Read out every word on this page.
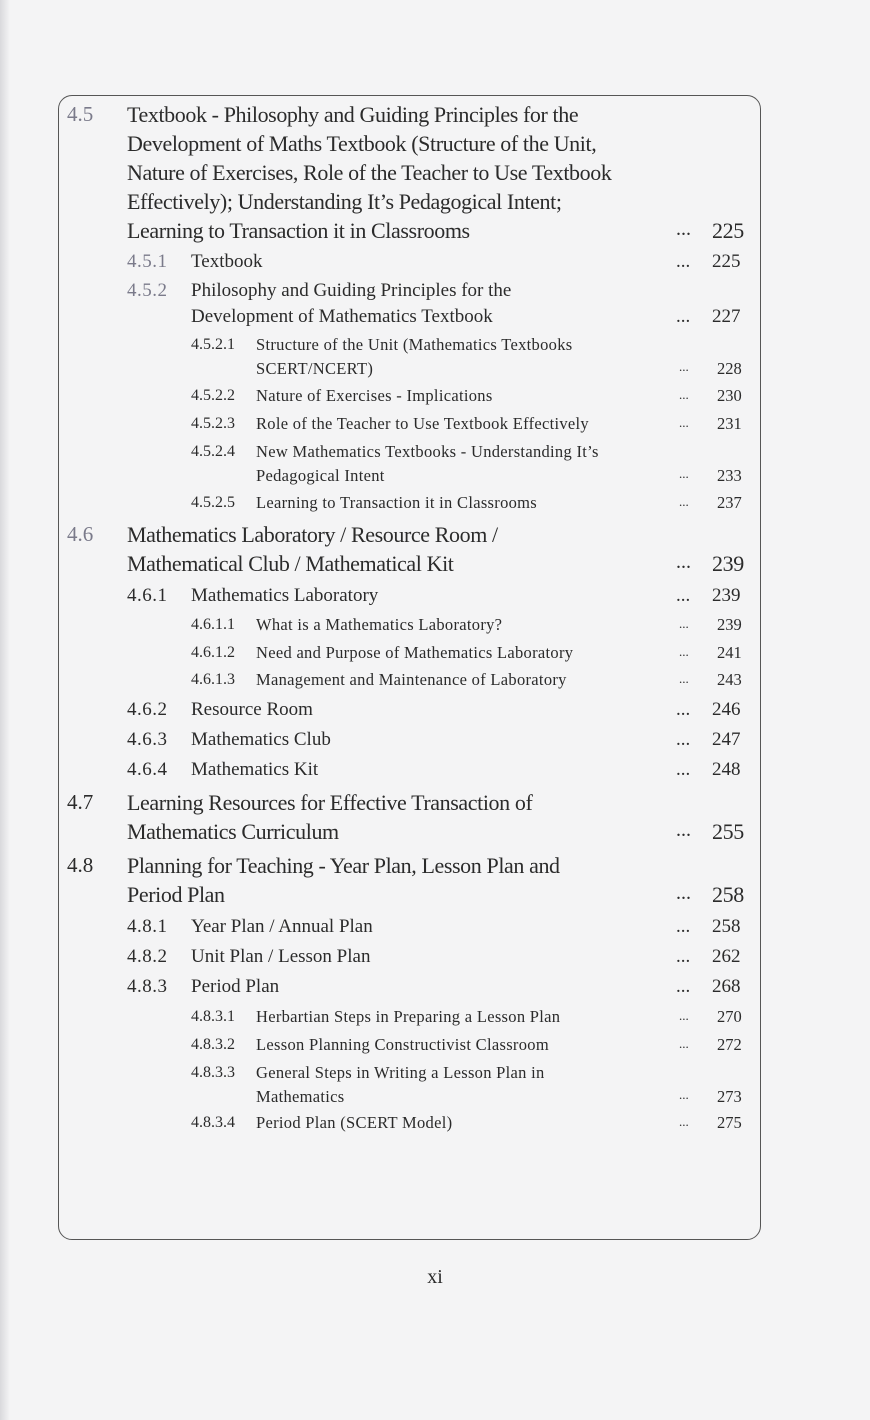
4.5 Textbook - Philosophy and Guiding Principles for the
Development of Maths Textbook (Structure of the Unit,
Nature of Exercises, Role of the Teacher to Use Textbook
Effectively); Understanding It’s Pedagogical Intent;
Learning to Transaction it in Classrooms	... 225
4.5.1 Textbook	... 225
4.5.2 Philosophy and Guiding Principles for the
Development of Mathematics Textbook	... 227
4.5.2.1 Structure of the Unit (Mathematics Textbooks
SCERT/NCERT)	... 228
4.5.2.2 Nature of Exercises - Implications	... 230
4.5.2.3 Role of the Teacher to Use Textbook Effectively	... 231
4.5.2.4 New Mathematics Textbooks - Understanding It’s
Pedagogical Intent	... 233
4.5.2.5 Learning to Transaction it in Classrooms	... 237
4.6 Mathematics Laboratory / Resource Room /
Mathematical Club / Mathematical Kit	... 239
4.6.1 Mathematics Laboratory	... 239
4.6.1.1 What is a Mathematics Laboratory?	... 239
4.6.1.2 Need and Purpose of Mathematics Laboratory	... 241
4.6.1.3 Management and Maintenance of Laboratory	... 243
4.6.2 Resource Room	... 246
4.6.3 Mathematics Club	... 247
4.6.4 Mathematics Kit	... 248
4.7 Learning Resources for Effective Transaction of
Mathematics Curriculum	... 255
4.8 Planning for Teaching - Year Plan, Lesson Plan and
Period Plan	... 258
4.8.1 Year Plan / Annual Plan	... 258
4.8.2 Unit Plan / Lesson Plan	... 262
4.8.3 Period Plan	... 268
4.8.3.1 Herbartian Steps in Preparing a Lesson Plan	... 270
4.8.3.2 Lesson Planning Constructivist Classroom	... 272
4.8.3.3 General Steps in Writing a Lesson Plan in
Mathematics	... 273
4.8.3.4 Period Plan (SCERT Model)	... 275
xi
